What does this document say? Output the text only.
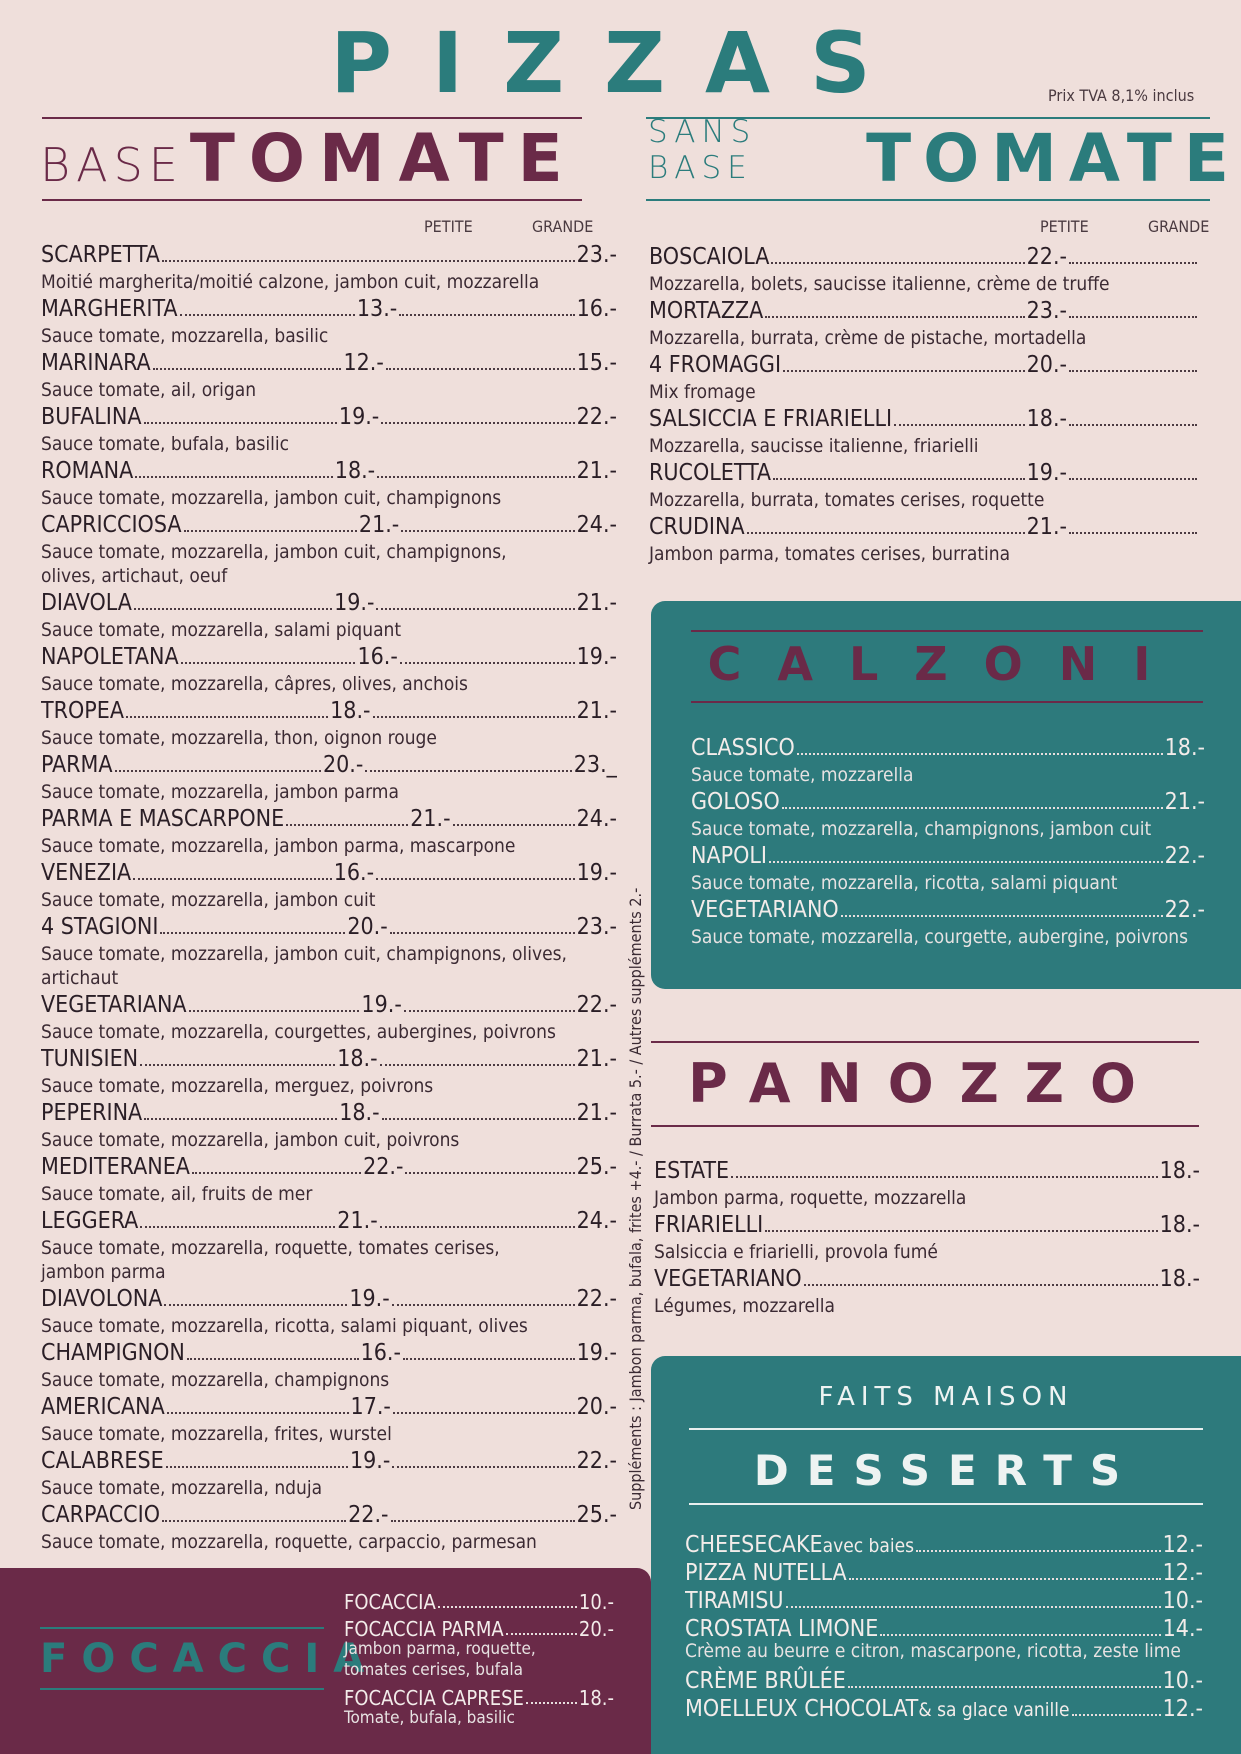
PIZZAS	Prix TVA 8,1% inclus
BASE TOMATE SANS BASE	TOMATE
PETITE	GRANDE	PETITE	GRANDE
SCARPETTA	23.-
Moitié margherita/moitié calzone, jambon cuit, mozzarella
MARGHERITA	13.-	16.-
Sauce tomate, mozzarella, basilic
MARINARA	12.-	15.-
Sauce tomate, ail, origan
BUFALINA	19.-	22.-
Sauce tomate, bufala, basilic
ROMANA	18.-	21.-
Sauce tomate, mozzarella, jambon cuit, champignons
CAPRICCIOSA	21.-	24.-
Sauce tomate, mozzarella, jambon cuit, champignons,
olives, artichaut, oeuf
DIAVOLA	19.-	21.-
Sauce tomate, mozzarella, salami piquant
NAPOLETANA	16.-	19.-
Sauce tomate, mozzarella, câpres, olives, anchois
TROPEA	18.-	21.-
Sauce tomate, mozzarella, thon, oignon rouge
PARMA	20.-	23._
Sauce tomate, mozzarella, jambon parma
PARMA E MASCARPONE	21.-	24.-
Sauce tomate, mozzarella, jambon parma, mascarpone
VENEZIA	16.-	19.-
Sauce tomate, mozzarella, jambon cuit
4 STAGIONI	20.-	23.-
Sauce tomate, mozzarella, jambon cuit, champignons, olives,
artichaut
VEGETARIANA	19.-	22.-
Sauce tomate, mozzarella, courgettes, aubergines, poivrons
TUNISIEN	18.-	21.-
Sauce tomate, mozzarella, merguez, poivrons
PEPERINA	18.-	21.-
Sauce tomate, mozzarella, jambon cuit, poivrons
MEDITERANEA	22.-	25.-
Sauce tomate, ail, fruits de mer
LEGGERA	21.-	24.-
Sauce tomate, mozzarella, roquette, tomates cerises,
jambon parma
DIAVOLONA	19.-	22.-
Sauce tomate, mozzarella, ricotta, salami piquant, olives
CHAMPIGNON	16.-	19.-
Sauce tomate, mozzarella, champignons
AMERICANA	17.-	20.-
Sauce tomate, mozzarella, frites, wurstel
CALABRESE	19.-	22.-
Sauce tomate, mozzarella, nduja
CARPACCIO	22.-	25.-
Sauce tomate, mozzarella, roquette, carpaccio, parmesan
BOSCAIOLA	22.-
Mozzarella, bolets, saucisse italienne, crème de truffe
MORTAZZA	23.-
Mozzarella, burrata, crème de pistache, mortadella
4 FROMAGGI	20.-
Mix fromage
SALSICCIA E FRIARIELLI	18.-
Mozzarella, saucisse italienne, friarielli
RUCOLETTA	19.-
Mozzarella, burrata, tomates cerises, roquette
CRUDINA	21.-
Jambon parma, tomates cerises, burratina
Suppléments : Jambon parma, bufala, frites +4.- / Burrata 5.- / Autres suppléments 2.-
CALZONI
CLASSICO	18.-
Sauce tomate, mozzarella
GOLOSO	21.-
Sauce tomate, mozzarella, champignons, jambon cuit
NAPOLI	22.-
Sauce tomate, mozzarella, ricotta, salami piquant
VEGETARIANO	22.-
Sauce tomate, mozzarella, courgette, aubergine, poivrons
PANOZZO
ESTATE	18.-
Jambon parma, roquette, mozzarella
FRIARIELLI	18.-
Salsiccia e friarielli, provola fumé
VEGETARIANO	18.-
Légumes, mozzarella
FAITS MAISON
DESSERTS
CHEESECAKE avec baies	12.-
PIZZA NUTELLA	12.-
TIRAMISU	10.-
CROSTATA LIMONE	14.-
Crème au beurre e citron, mascarpone, ricotta, zeste lime
CRÈME BRÛLÉE	10.-
MOELLEUX CHOCOLAT & sa glace vanille	12.-
FOCACCIA
FOCACCIA	10.-
FOCACCIA PARMA	20.-
Jambon parma, roquette,
tomates cerises, bufala
FOCACCIA CAPRESE	18.-
Tomate, bufala, basilic
